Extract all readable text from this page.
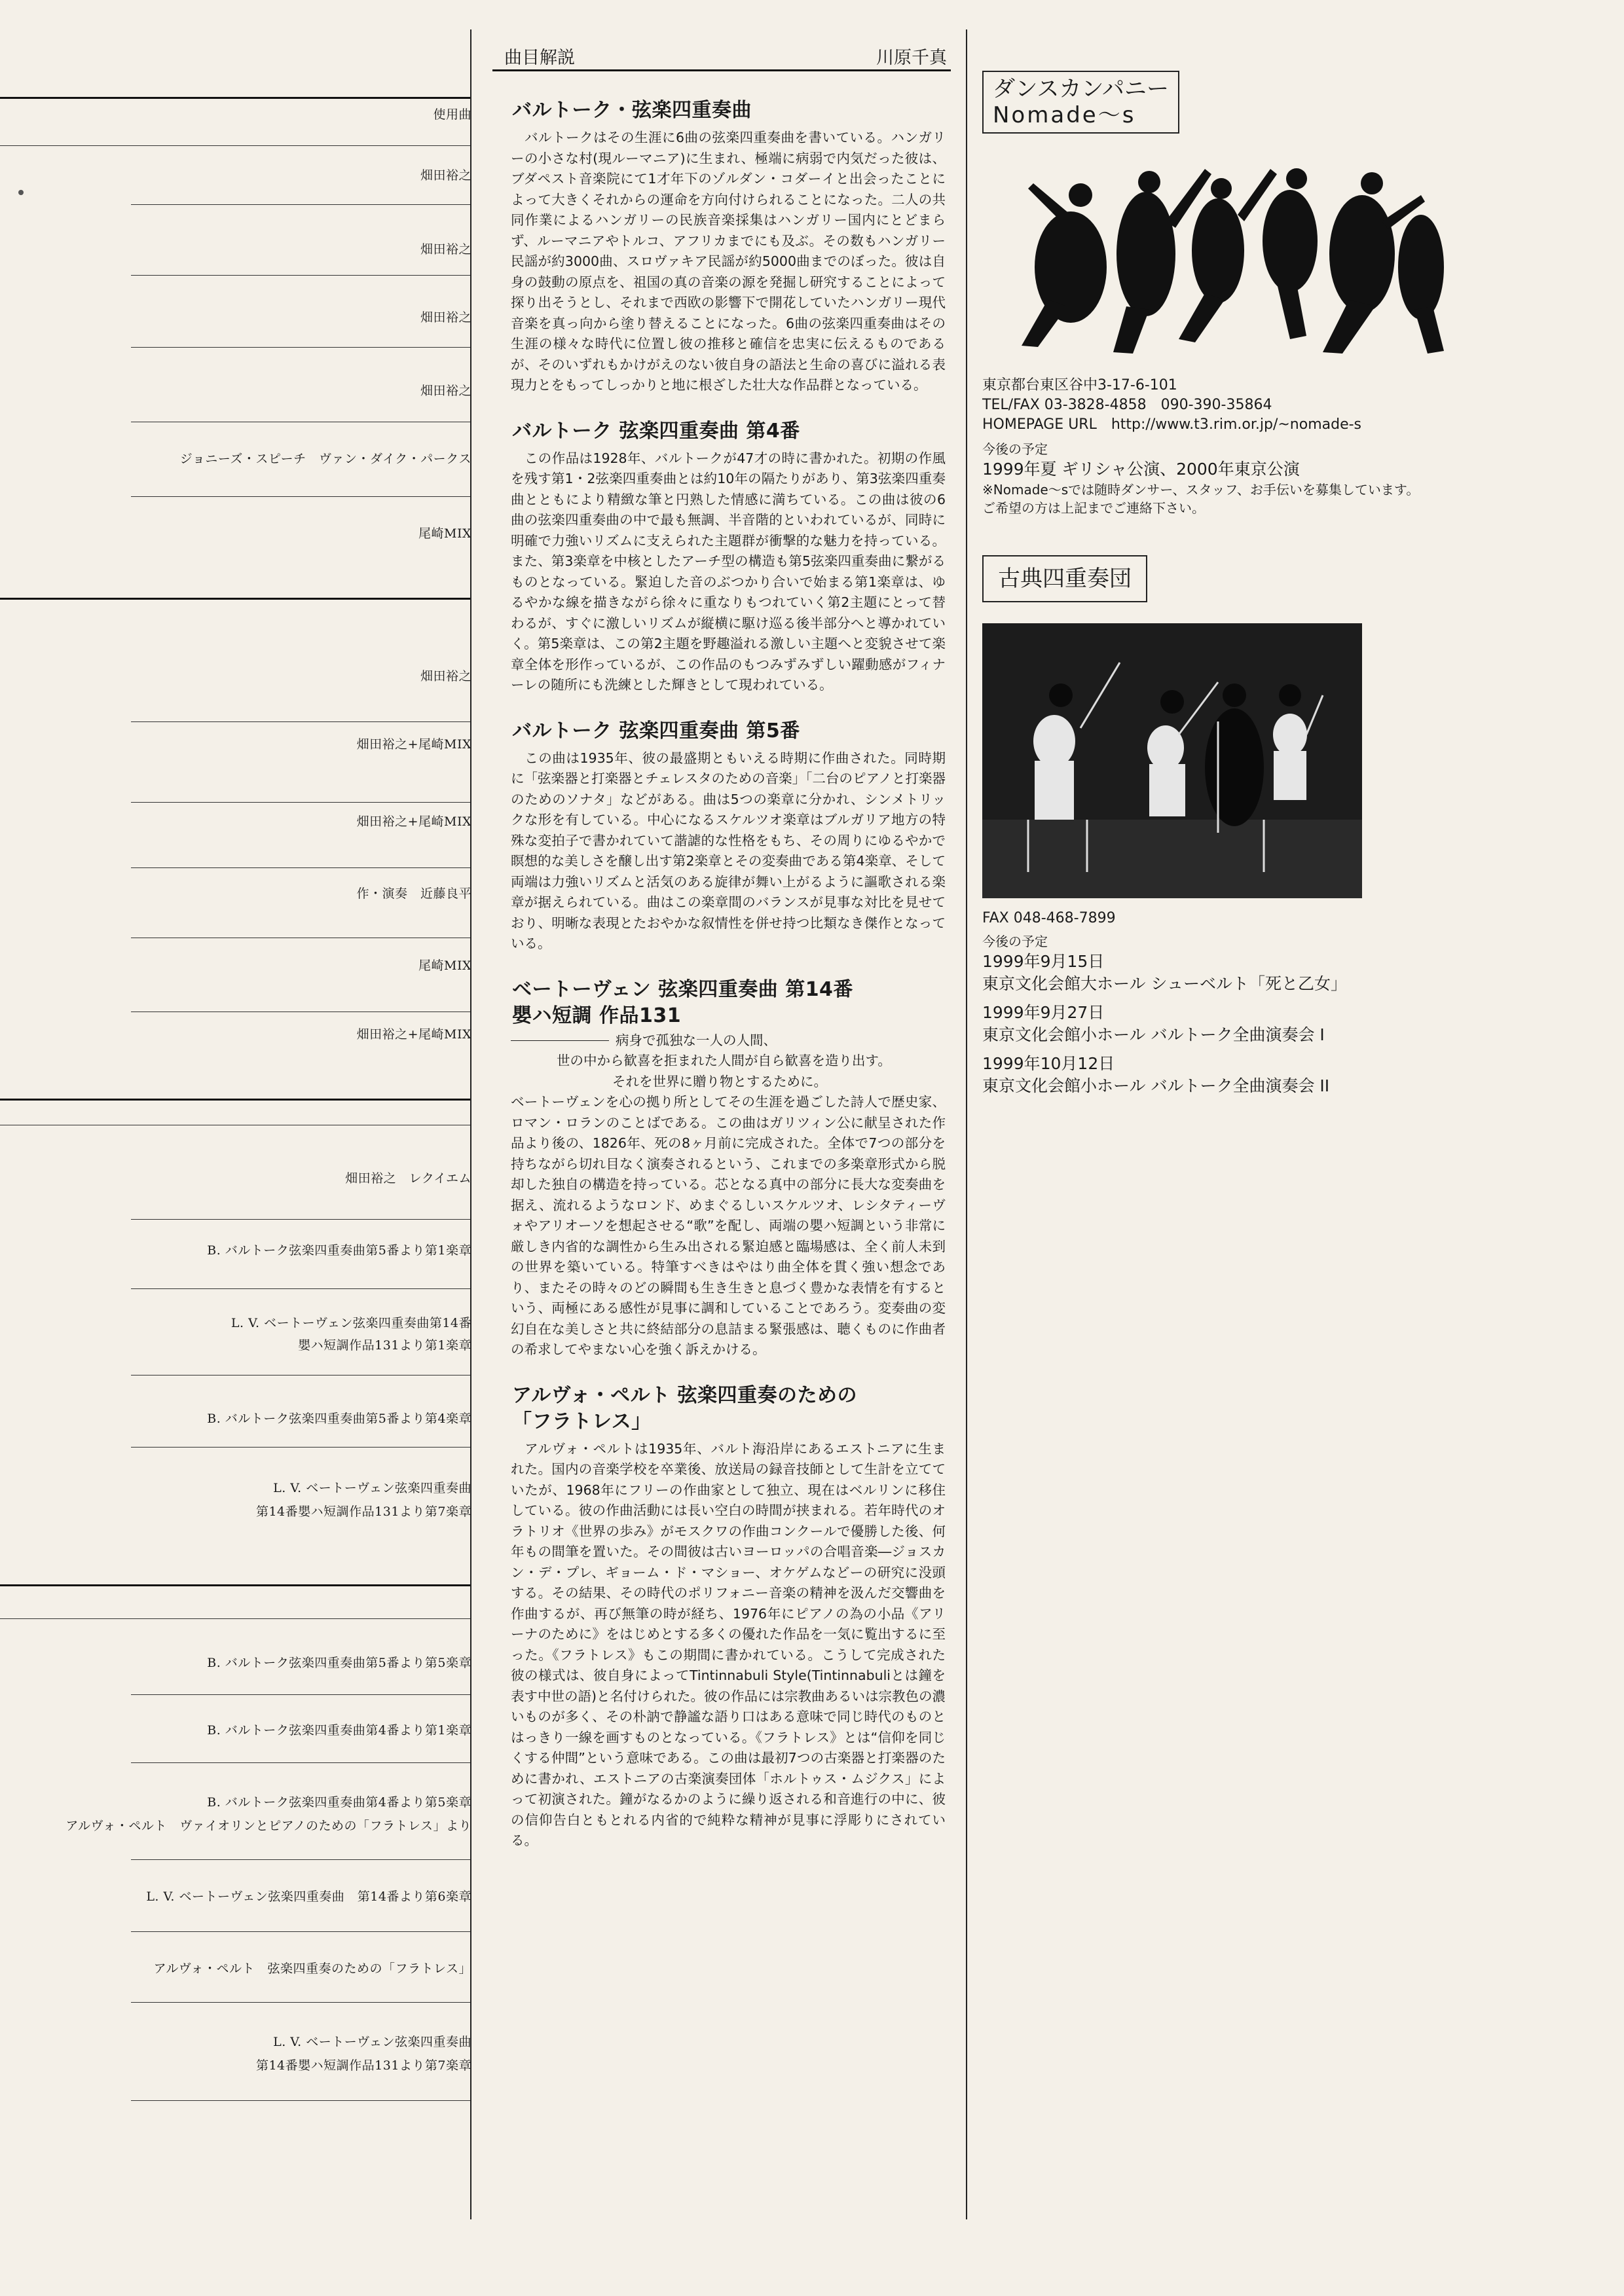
使用曲
畑田裕之
畑田裕之
畑田裕之
畑田裕之
ジョニーズ・スピーチ　ヴァン・ダイク・パークス
尾崎MIX
畑田裕之
畑田裕之+尾崎MIX
畑田裕之+尾崎MIX
作・演奏　近藤良平
尾崎MIX
畑田裕之+尾崎MIX
畑田裕之　レクイエム
B. バルトーク弦楽四重奏曲第5番より第1楽章
L. V. ベートーヴェン弦楽四重奏曲第14番
嬰ハ短調作品131より第1楽章
B. バルトーク弦楽四重奏曲第5番より第4楽章
L. V. ベートーヴェン弦楽四重奏曲
第14番嬰ハ短調作品131より第7楽章
B. バルトーク弦楽四重奏曲第5番より第5楽章
B. バルトーク弦楽四重奏曲第4番より第1楽章
B. バルトーク弦楽四重奏曲第4番より第5楽章
アルヴォ・ペルト　ヴァイオリンとピアノのための「フラトレス」より
L. V. ベートーヴェン弦楽四重奏曲　第14番より第6楽章
アルヴォ・ペルト　弦楽四重奏のための「フラトレス」
L. V. ベートーヴェン弦楽四重奏曲
第14番嬰ハ短調作品131より第7楽章
曲目解説	川原千真
バルトーク・弦楽四重奏曲

　バルトークはその生涯に6曲の弦楽四重奏曲を書いている。ハンガリーの小さな村(現ルーマニア)に生まれ、極端に病弱で内気だった彼は、ブダペスト音楽院にて1才年下のゾルダン・コダーイと出会ったことによって大きくそれからの運命を方向付けられることになった。二人の共同作業によるハンガリーの民族音楽採集はハンガリー国内にとどまらず、ルーマニアやトルコ、アフリカまでにも及ぶ。その数もハンガリー民謡が約3000曲、スロヴァキア民謡が約5000曲までのぼった。彼は自身の鼓動の原点を、祖国の真の音楽の源を発掘し研究することによって探り出そうとし、それまで西欧の影響下で開花していたハンガリー現代音楽を真っ向から塗り替えることになった。6曲の弦楽四重奏曲はその生涯の様々な時代に位置し彼の推移と確信を忠実に伝えるものであるが、そのいずれもかけがえのない彼自身の語法と生命の喜びに溢れる表現力とをもってしっかりと地に根ざした壮大な作品群となっている。

バルトーク 弦楽四重奏曲 第4番

　この作品は1928年、バルトークが47才の時に書かれた。初期の作風を残す第1・2弦楽四重奏曲とは約10年の隔たりがあり、第3弦楽四重奏曲とともにより精緻な筆と円熟した情感に満ちている。この曲は彼の6曲の弦楽四重奏曲の中で最も無調、半音階的といわれているが、同時に明確で力強いリズムに支えられた主題群が衝撃的な魅力を持っている。また、第3楽章を中核としたアーチ型の構造も第5弦楽四重奏曲に繋がるものとなっている。緊迫した音のぶつかり合いで始まる第1楽章は、ゆるやかな線を描きながら徐々に重なりもつれていく第2主題にとって替わるが、すぐに激しいリズムが縦横に駆け巡る後半部分へと導かれていく。第5楽章は、この第2主題を野趣溢れる激しい主題へと変貌させて楽章全体を形作っているが、この作品のもつみずみずしい躍動感がフィナーレの随所にも洗練とした輝きとして現われている。

バルトーク 弦楽四重奏曲 第5番

　この曲は1935年、彼の最盛期ともいえる時期に作曲された。同時期に「弦楽器と打楽器とチェレスタのための音楽」「二台のピアノと打楽器のためのソナタ」などがある。曲は5つの楽章に分かれ、シンメトリックな形を有している。中心になるスケルツオ楽章はブルガリア地方の特殊な変拍子で書かれていて諧謔的な性格をもち、その周りにゆるやかで瞑想的な美しさを醸し出す第2楽章とその変奏曲である第4楽章、そして両端は力強いリズムと活気のある旋律が舞い上がるように謳歌される楽章が据えられている。曲はこの楽章間のバランスが見事な対比を見せており、明晰な表現とたおやかな叙情性を併せ持つ比類なき傑作となっている。

ベートーヴェン 弦楽四重奏曲 第14番
嬰ハ短調 作品131
病身で孤独な一人の人間、
世の中から歓喜を拒まれた人間が自ら歓喜を造り出す。
それを世界に贈り物とするために。

ベートーヴェンを心の拠り所としてその生涯を過ごした詩人で歴史家、ロマン・ロランのことばである。この曲はガリツィン公に献呈された作品より後の、1826年、死の8ヶ月前に完成された。全体で7つの部分を持ちながら切れ目なく演奏されるという、これまでの多楽章形式から脱却した独自の構造を持っている。芯となる真中の部分に長大な変奏曲を据え、流れるようなロンド、めまぐるしいスケルツオ、レシタティーヴォやアリオーソを想起させる“歌”を配し、両端の嬰ハ短調という非常に厳しき内省的な調性から生み出される緊迫感と臨場感は、全く前人未到の世界を築いている。特筆すべきはやはり曲全体を貫く強い想念であり、またその時々のどの瞬間も生き生きと息づく豊かな表情を有するという、両極にある感性が見事に調和していることであろう。変奏曲の変幻自在な美しさと共に終結部分の息詰まる緊張感は、聴くものに作曲者の希求してやまない心を強く訴えかける。

アルヴォ・ペルト 弦楽四重奏のための
「フラトレス」

　アルヴォ・ペルトは1935年、バルト海沿岸にあるエストニアに生まれた。国内の音楽学校を卒業後、放送局の録音技師として生計を立てていたが、1968年にフリーの作曲家として独立、現在はベルリンに移住している。彼の作曲活動には長い空白の時間が挟まれる。若年時代のオラトリオ《世界の歩み》がモスクワの作曲コンクールで優勝した後、何年もの間筆を置いた。その間彼は古いヨーロッパの合唱音楽―ジョスカン・デ・プレ、ギョーム・ド・マショー、オケゲムなどーの研究に没頭する。その結果、その時代のポリフォニー音楽の精神を汲んだ交響曲を作曲するが、再び無筆の時が経ち、1976年にピアノの為の小品《アリーナのために》をはじめとする多くの優れた作品を一気に覧出するに至った。《フラトレス》もこの期間に書かれている。こうして完成された彼の様式は、彼自身によってTintinnabuli Style(Tintinnabuliとは鐘を表す中世の語)と名付けられた。彼の作品には宗教曲あるいは宗教色の濃いものが多く、その朴訥で静謐な語り口はある意味で同じ時代のものとはっきり一線を画すものとなっている。《フラトレス》とは“信仰を同じくする仲間”という意味である。この曲は最初7つの古楽器と打楽器のために書かれ、エストニアの古楽演奏団体「ホルトゥス・ムジクス」によって初演された。鐘がなるかのように繰り返される和音進行の中に、彼の信仰告白ともとれる内省的で純粋な精神が見事に浮彫りにされている。

ダンスカンパニー
Nomade〜s

東京都台東区谷中3-17-6-101

TEL/FAX 03-3828-4858　090-390-35864

HOMEPAGE URL　http://www.t3.rim.or.jp/~nomade-s

今後の予定

1999年夏 ギリシャ公演、2000年東京公演

※Nomade〜sでは随時ダンサー、スタッフ、お手伝いを募集しています。

ご希望の方は上記までご連絡下さい。

古典四重奏団

FAX 048-468-7899

今後の予定

1999年9月15日

東京文化会館大ホール シューベルト「死と乙女」

1999年9月27日

東京文化会館小ホール バルトーク全曲演奏会 I

1999年10月12日

東京文化会館小ホール バルトーク全曲演奏会 II
